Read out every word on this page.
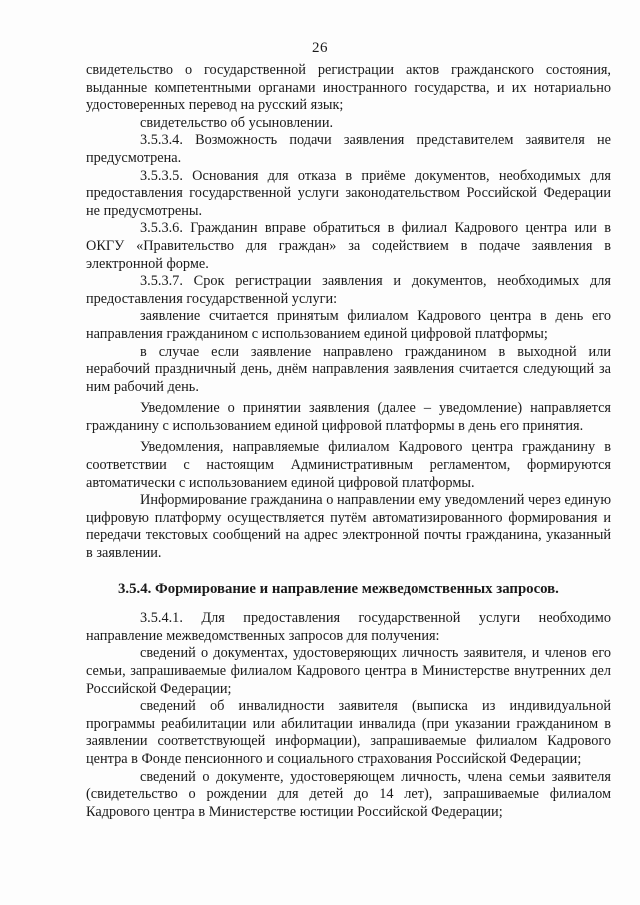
26

свидетельство о государственной регистрации актов гражданского состояния, выданные компетентными органами иностранного государства, и их нотариально удостоверенных перевод на русский язык;

свидетельство об усыновлении.

3.5.3.4. Возможность подачи заявления представителем заявителя не предусмотрена.

3.5.3.5. Основания для отказа в приёме документов, необходимых для предоставления государственной услуги законодательством Российской Федерации не предусмотрены.

3.5.3.6. Гражданин вправе обратиться в филиал Кадрового центра или в ОКГУ «Правительство для граждан» за содействием в подаче заявления в электронной форме.

3.5.3.7. Срок регистрации заявления и документов, необходимых для предоставления государственной услуги:

заявление считается принятым филиалом Кадрового центра в день его направления гражданином с использованием единой цифровой платформы;

в случае если заявление направлено гражданином в выходной или нерабочий праздничный день, днём направления заявления считается следующий за ним рабочий день.

Уведомление о принятии заявления (далее – уведомление) направляется гражданину с использованием единой цифровой платформы в день его принятия.

Уведомления, направляемые филиалом Кадрового центра гражданину в соответствии с настоящим Административным регламентом, формируются автоматически с использованием единой цифровой платформы.

Информирование гражданина о направлении ему уведомлений через единую цифровую платформу осуществляется путём автоматизированного формирования и передачи текстовых сообщений на адрес электронной почты гражданина, указанный в заявлении.

3.5.4. Формирование и направление межведомственных запросов.

3.5.4.1. Для предоставления государственной услуги необходимо направление межведомственных запросов для получения:

сведений о документах, удостоверяющих личность заявителя, и членов его семьи, запрашиваемые филиалом Кадрового центра в Министерстве внутренних дел Российской Федерации;

сведений об инвалидности заявителя (выписка из индивидуальной программы реабилитации или абилитации инвалида (при указании гражданином в заявлении соответствующей информации), запрашиваемые филиалом Кадрового центра в Фонде пенсионного и социального страхования Российской Федерации;

сведений о документе, удостоверяющем личность, члена семьи заявителя (свидетельство о рождении для детей до 14 лет), запрашиваемые филиалом Кадрового центра в Министерстве юстиции Российской Федерации;
